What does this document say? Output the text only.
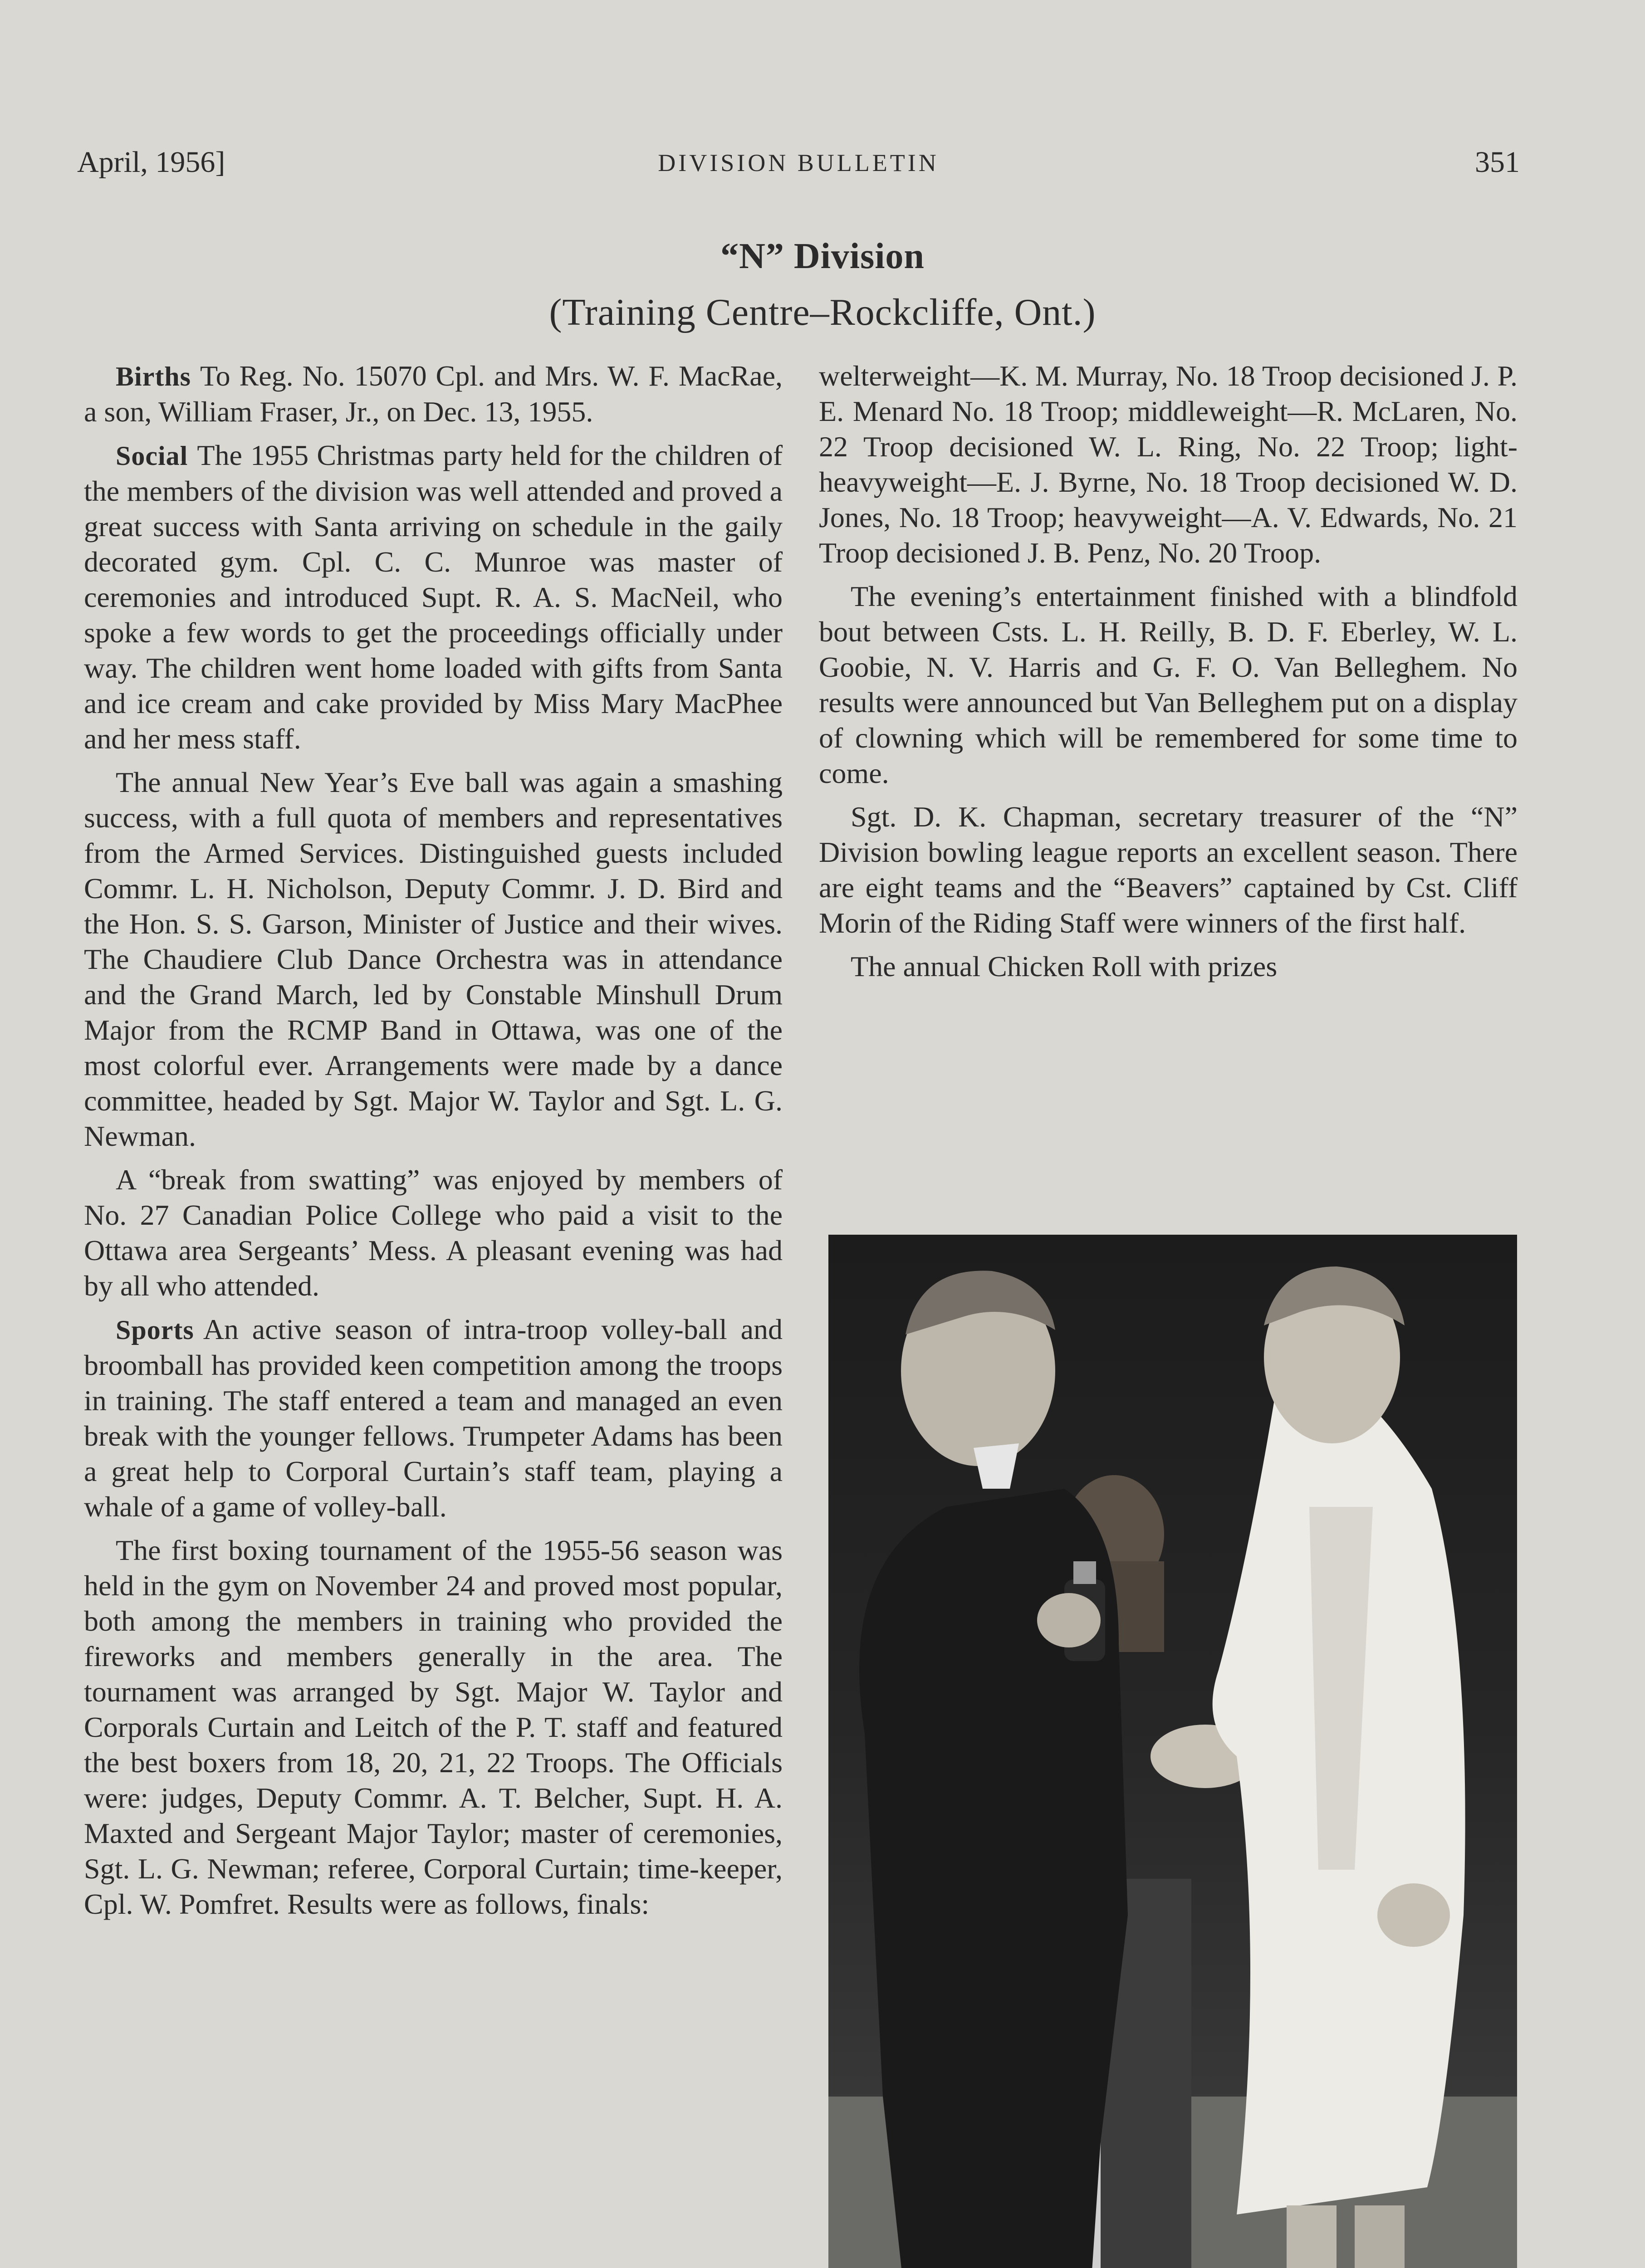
April, 1956]	DIVISION BULLETIN	351
“N” Division
(Training Centre–Rockcliffe, Ont.)

Births To Reg. No. 15070 Cpl. and Mrs. W. F. MacRae, a son, William Fraser, Jr., on Dec. 13, 1955.

Social The 1955 Christmas party held for the children of the members of the division was well attended and proved a great success with Santa arriving on schedule in the gaily decorated gym. Cpl. C. C. Munroe was master of ceremonies and introduced Supt. R. A. S. MacNeil, who spoke a few words to get the proceedings officially under way. The children went home loaded with gifts from Santa and ice cream and cake provided by Miss Mary MacPhee and her mess staff.

The annual New Year’s Eve ball was again a smashing success, with a full quota of members and representatives from the Armed Services. Distinguished guests included Commr. L. H. Nicholson, Deputy Commr. J. D. Bird and the Hon. S. S. Garson, Minister of Justice and their wives. The Chaudiere Club Dance Orchestra was in attendance and the Grand March, led by Constable Minshull Drum Major from the RCMP Band in Ottawa, was one of the most colorful ever. Arrangements were made by a dance committee, headed by Sgt. Major W. Taylor and Sgt. L. G. Newman.

A “break from swatting” was enjoyed by members of No. 27 Canadian Police College who paid a visit to the Ottawa area Sergeants’ Mess. A pleasant evening was had by all who attended.

Sports An active season of intra-troop volley-ball and broomball has provided keen competition among the troops in training. The staff entered a team and managed an even break with the younger fellows. Trumpeter Adams has been a great help to Corporal Curtain’s staff team, playing a whale of a game of volley-ball.

The first boxing tournament of the 1955-56 season was held in the gym on November 24 and proved most popular, both among the members in training who provided the fireworks and members generally in the area. The tournament was arranged by Sgt. Major W. Taylor and Corporals Curtain and Leitch of the P. T. staff and featured the best boxers from 18, 20, 21, 22 Troops. The Officials were: judges, Deputy Commr. A. T. Belcher, Supt. H. A. Maxted and Sergeant Major Taylor; master of ceremonies, Sgt. L. G. Newman; referee, Corporal Curtain; time-keeper, Cpl. W. Pomfret. Results were as follows, finals:

welterweight—K. M. Murray, No. 18 Troop decisioned J. P. E. Menard No. 18 Troop; middleweight—R. McLaren, No. 22 Troop decisioned W. L. Ring, No. 22 Troop; light-heavyweight—E. J. Byrne, No. 18 Troop decisioned W. D. Jones, No. 18 Troop; heavyweight—A. V. Edwards, No. 21 Troop decisioned J. B. Penz, No. 20 Troop.

The evening’s entertainment finished with a blindfold bout between Csts. L. H. Reilly, B. D. F. Eberley, W. L. Goobie, N. V. Harris and G. F. O. Van Belleghem. No results were announced but Van Belleghem put on a display of clowning which will be remembered for some time to come.

Sgt. D. K. Chapman, secretary treasurer of the “N” Division bowling league reports an excellent season. There are eight teams and the “Beavers” captained by Cst. Cliff Morin of the Riding Staff were winners of the first half.

The annual Chicken Roll with prizes
